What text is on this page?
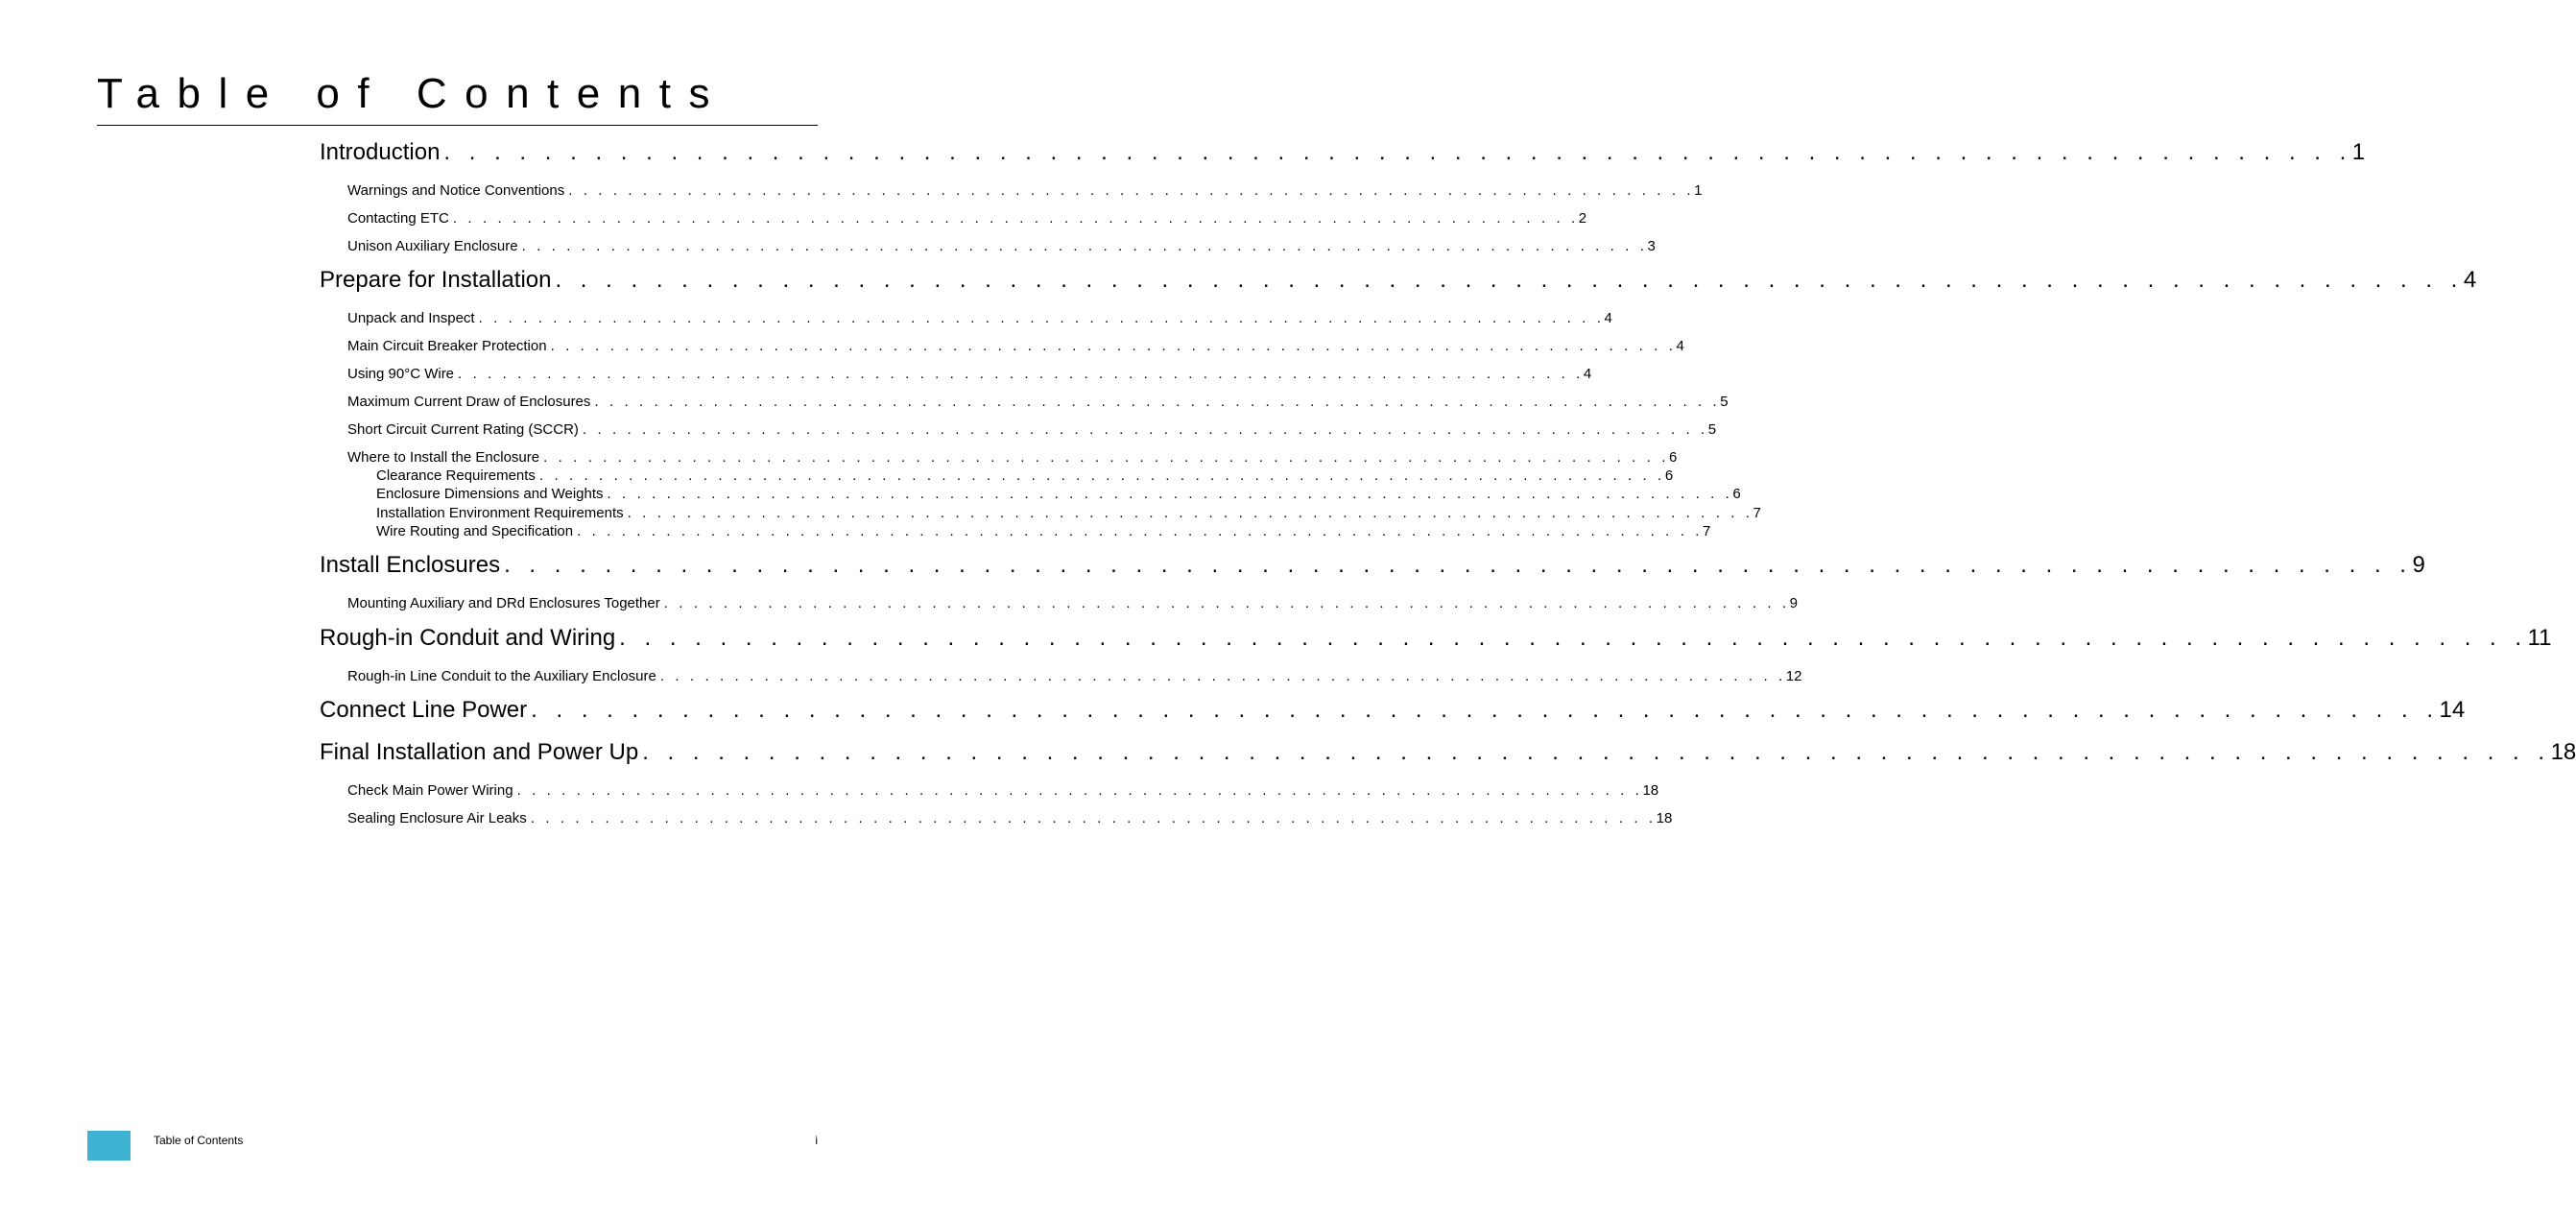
Table of Contents
Introduction . . . . . . . . . . . . . . . . . . . . . . . . . . . . . . . . . . . . . . . . . . . . . . . . . . . . . . . . . . . . . . . . . . . . . . . . . . . . 1
Warnings and Notice Conventions . . . . . . . . . . . . . . . . . . . . . . . . . . . . . . . . . . . . . . . . . . . . . . . . . . . . . . . . . . . . . . . . . . . . . . . . . . . . 1
Contacting ETC . . . . . . . . . . . . . . . . . . . . . . . . . . . . . . . . . . . . . . . . . . . . . . . . . . . . . . . . . . . . . . . . . . . . . . . . . . . . 2
Unison Auxiliary Enclosure . . . . . . . . . . . . . . . . . . . . . . . . . . . . . . . . . . . . . . . . . . . . . . . . . . . . . . . . . . . . . . . . . . . . . . . . . . . . 3
Prepare for Installation . . . . . . . . . . . . . . . . . . . . . . . . . . . . . . . . . . . . . . . . . . . . . . . . . . . . . . . . . . . . . . . . . . . . . . . . . . . . 4
Unpack and Inspect . . . . . . . . . . . . . . . . . . . . . . . . . . . . . . . . . . . . . . . . . . . . . . . . . . . . . . . . . . . . . . . . . . . . . . . . . . . . 4
Main Circuit Breaker Protection . . . . . . . . . . . . . . . . . . . . . . . . . . . . . . . . . . . . . . . . . . . . . . . . . . . . . . . . . . . . . . . . . . . . . . . . . . . . 4
Using 90°C Wire . . . . . . . . . . . . . . . . . . . . . . . . . . . . . . . . . . . . . . . . . . . . . . . . . . . . . . . . . . . . . . . . . . . . . . . . . . . . 4
Maximum Current Draw of Enclosures . . . . . . . . . . . . . . . . . . . . . . . . . . . . . . . . . . . . . . . . . . . . . . . . . . . . . . . . . . . . . . . . . . . . . . . . . . . . 5
Short Circuit Current Rating (SCCR) . . . . . . . . . . . . . . . . . . . . . . . . . . . . . . . . . . . . . . . . . . . . . . . . . . . . . . . . . . . . . . . . . . . . . . . . . . . . 5
Where to Install the Enclosure . . . . . . . . . . . . . . . . . . . . . . . . . . . . . . . . . . . . . . . . . . . . . . . . . . . . . . . . . . . . . . . . . . . . . . . . . . . . 6
Clearance Requirements . . . . . . . . . . . . . . . . . . . . . . . . . . . . . . . . . . . . . . . . . . . . . . . . . . . . . . . . . . . . . . . . . . . . . . . . . . . . 6
Enclosure Dimensions and Weights . . . . . . . . . . . . . . . . . . . . . . . . . . . . . . . . . . . . . . . . . . . . . . . . . . . . . . . . . . . . . . . . . . . . . . . . . . . . 6
Installation Environment Requirements . . . . . . . . . . . . . . . . . . . . . . . . . . . . . . . . . . . . . . . . . . . . . . . . . . . . . . . . . . . . . . . . . . . . . . . . . . . . 7
Wire Routing and Specification . . . . . . . . . . . . . . . . . . . . . . . . . . . . . . . . . . . . . . . . . . . . . . . . . . . . . . . . . . . . . . . . . . . . . . . . . . . . 7
Install Enclosures . . . . . . . . . . . . . . . . . . . . . . . . . . . . . . . . . . . . . . . . . . . . . . . . . . . . . . . . . . . . . . . . . . . . . . . . . . . . 9
Mounting Auxiliary and DRd Enclosures Together . . . . . . . . . . . . . . . . . . . . . . . . . . . . . . . . . . . . . . . . . . . . . . . . . . . . . . . . . . . . . . . . . . . . . . . . . . . . 9
Rough-in Conduit and Wiring . . . . . . . . . . . . . . . . . . . . . . . . . . . . . . . . . . . . . . . . . . . . . . . . . . . . . . . . . . . . . . . . . . . . . . . . . . . . 11
Rough-in Line Conduit to the Auxiliary Enclosure . . . . . . . . . . . . . . . . . . . . . . . . . . . . . . . . . . . . . . . . . . . . . . . . . . . . . . . . . . . . . . . . . . . . . . . . . . . . 12
Connect Line Power . . . . . . . . . . . . . . . . . . . . . . . . . . . . . . . . . . . . . . . . . . . . . . . . . . . . . . . . . . . . . . . . . . . . . . . . . . . . 14
Final Installation and Power Up . . . . . . . . . . . . . . . . . . . . . . . . . . . . . . . . . . . . . . . . . . . . . . . . . . . . . . . . . . . . . . . . . . . . . . . . . . . . 18
Check Main Power Wiring . . . . . . . . . . . . . . . . . . . . . . . . . . . . . . . . . . . . . . . . . . . . . . . . . . . . . . . . . . . . . . . . . . . . . . . . . . . . 18
Sealing Enclosure Air Leaks . . . . . . . . . . . . . . . . . . . . . . . . . . . . . . . . . . . . . . . . . . . . . . . . . . . . . . . . . . . . . . . . . . . . . . . . . . . . 18
Table of Contents	i
